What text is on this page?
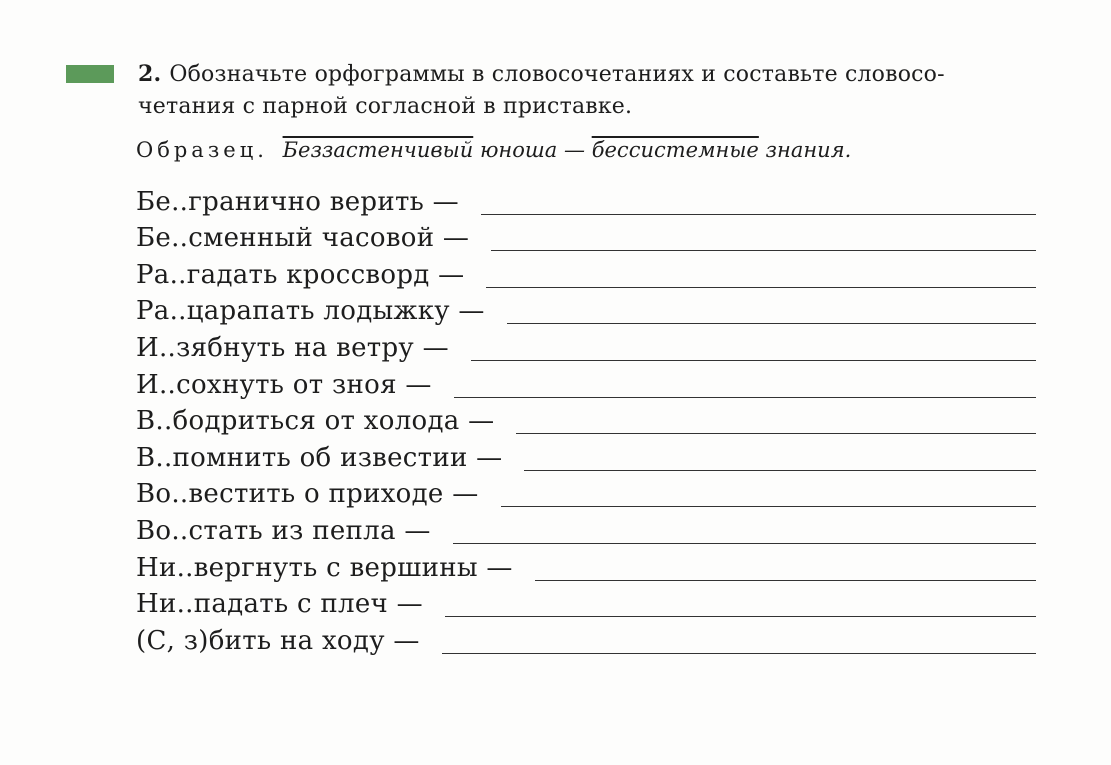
2. Обозначьте орфограммы в словосочетаниях и составьте словосо-
четания с парной согласной в приставке.
Образец. Беззастенчивый юноша — бессистемные знания.
Бе..гранично верить —
Бе..сменный часовой —
Ра..гадать кроссворд —
Ра..царапать лодыжку —
И..зябнуть на ветру —
И..сохнуть от зноя —
В..бодриться от холода —
В..помнить об известии —
Во..вестить о приходе —
Во..стать из пепла —
Ни..вергнуть с вершины —
Ни..падать с плеч —
(С, з)бить на ходу —
